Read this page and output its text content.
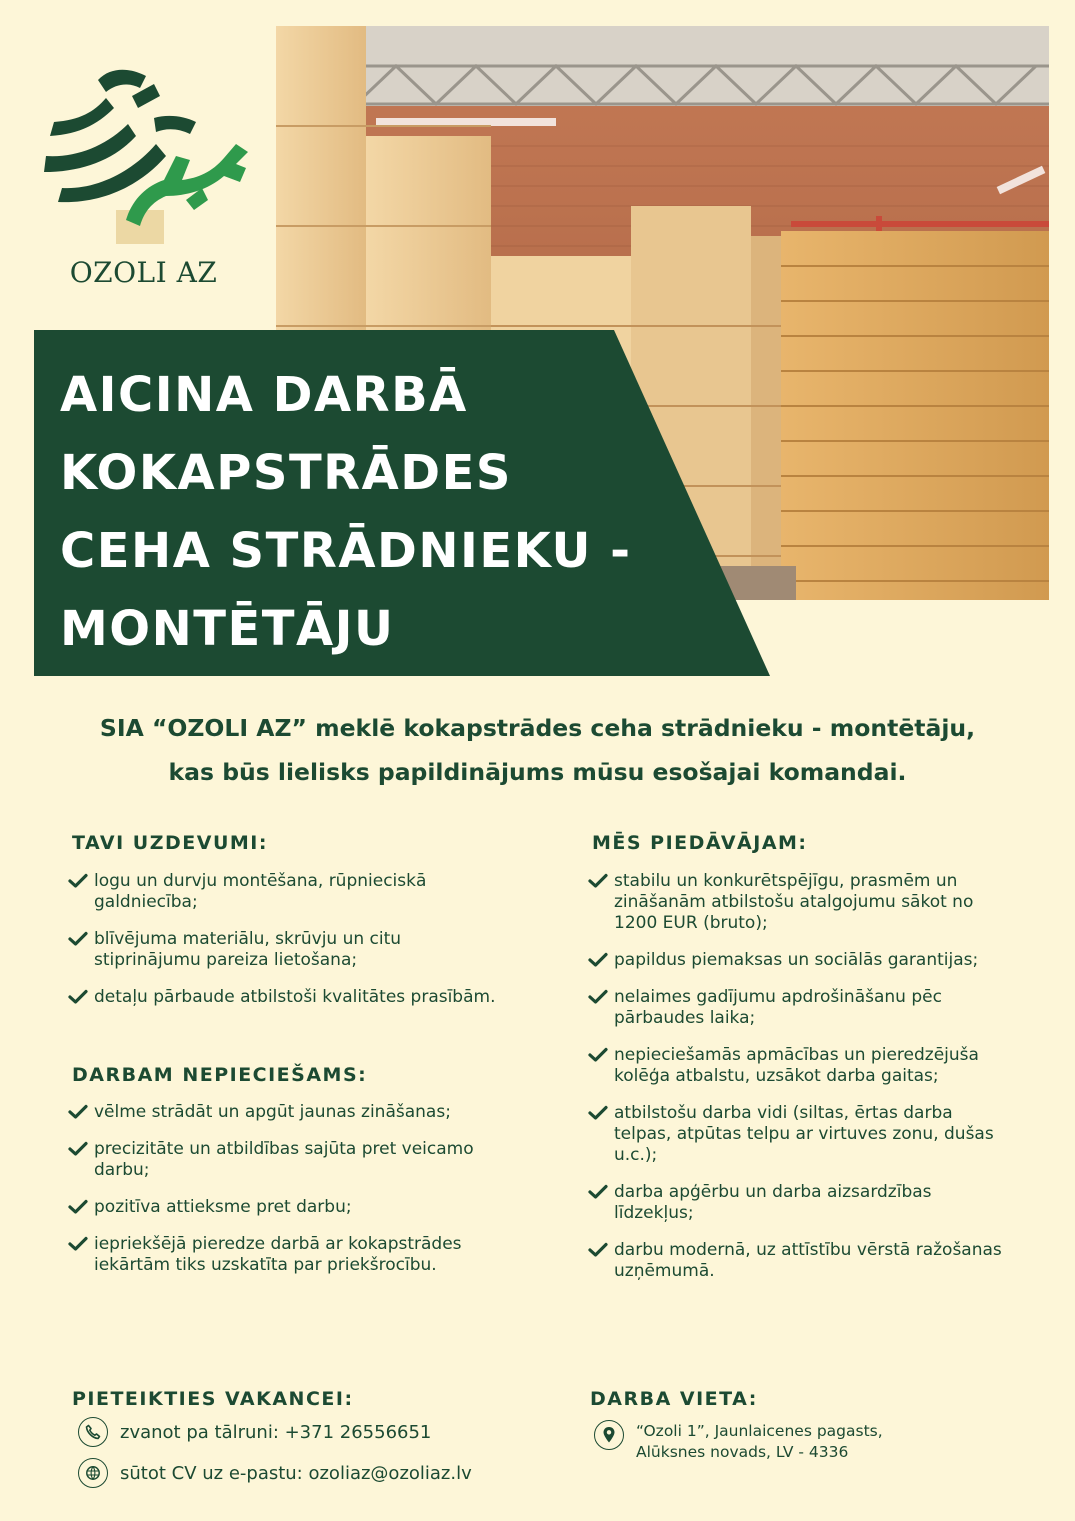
OZOLI AZ
AICINA DARBĀ
KOKAPSTRĀDES
CEHA STRĀDNIEKU -
MONTĒTĀJU
SIA “OZOLI AZ” meklē kokapstrādes ceha strādnieku - montētāju,
kas būs lielisks papildinājums mūsu esošajai komandai.
TAVI UZDEVUMI:
logu un durvju montēšana, rūpnieciskā galdniecība;
blīvējuma materiālu, skrūvju un citu stiprinājumu pareiza lietošana;
detaļu pārbaude atbilstoši kvalitātes prasībām.
DARBAM NEPIECIEŠAMS:
vēlme strādāt un apgūt jaunas zināšanas;
precizitāte un atbildības sajūta pret veicamo darbu;
pozitīva attieksme pret darbu;
iepriekšējā pieredze darbā ar kokapstrādes iekārtām tiks uzskatīta par priekšrocību.
MĒS PIEDĀVĀJAM:
stabilu un konkurētspējīgu, prasmēm un zināšanām atbilstošu atalgojumu sākot no 1200 EUR (bruto);
papildus piemaksas un sociālās garantijas;
nelaimes gadījumu apdrošināšanu pēc pārbaudes laika;
nepieciešamās apmācības un pieredzējuša kolēģa atbalstu, uzsākot darba gaitas;
atbilstošu darba vidi (siltas, ērtas darba telpas, atpūtas telpu ar virtuves zonu, dušas u.c.);
darba apģērbu un darba aizsardzības līdzekļus;
darbu modernā, uz attīstību vērstā ražošanas uzņēmumā.
PIETEIKTIES VAKANCEI:
zvanot pa tālruni: +371 26556651
sūtot CV uz e-pastu: ozoliaz@ozoliaz.lv
DARBA VIETA:
“Ozoli 1”, Jaunlaicenes pagasts,
Alūksnes novads, LV - 4336
